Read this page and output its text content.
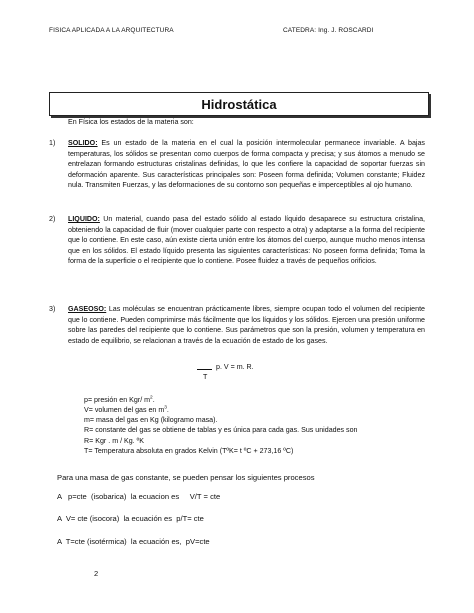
FISICA APLICADA A LA ARQUITECTURA	CATEDRA: Ing. J. ROSCARDI
Hidrostática
En Física los estados de la materia son:
1) SOLIDO: Es un estado de la materia en el cual la posición intermolecular permanece invariable. A bajas temperaturas, los sólidos se presentan como cuerpos de forma compacta y precisa; y sus átomos a menudo se entrelazan formando estructuras cristalinas definidas, lo que les confiere la capacidad de soportar fuerzas sin deformación aparente. Sus características principales son: Poseen forma definida; Volumen constante; Fluidez nula. Transmiten Fuerzas, y las deformaciones de su contorno son pequeñas e imperceptibles al ojo humano.
2) LIQUIDO: Un material, cuando pasa del estado sólido al estado líquido desaparece su estructura cristalina, obteniendo la capacidad de fluir (mover cualquier parte con respecto a otra) y adaptarse a la forma del recipiente que lo contiene. En este caso, aún existe cierta unión entre los átomos del cuerpo, aunque mucho menos intensa que en los sólidos. El estado líquido presenta las siguientes características: No poseen forma definida; Toma la forma de la superficie o el recipiente que lo contiene. Posee fluidez a través de pequeños orificios.
3) GASEOSO: Las moléculas se encuentran prácticamente libres, siempre ocupan todo el volumen del recipiente que lo contiene. Pueden comprimirse más fácilmente que los líquidos y los sólidos. Ejercen una presión uniforme sobre las paredes del recipiente que lo contiene. Sus parámetros que son la presión, volumen y temperatura en estado de equilibrio, se relacionan a través de la ecuación de estado de los gases.
p. V = m. R.
T
p= presión en Kgr/ $m^2$.
V= volumen del gas en $m^3$.
m= masa del gas en Kg (kilogramo masa).
R= constante del gas se obtiene de tablas y es única para cada gas. Sus unidades son
R= Kgr . m / Kg. ºK
T= Temperatura absoluta en grados Kelvin (TºK= t ºC + 273,16 ºC)
Para una masa de gas constante, se pueden pensar los siguientes procesos
A   p=cte  (isobarica)  la ecuacion es     V/T = cte
A  V= cte (isocora)  la ecuación es  p/T= cte
A  T=cte (isotérmica)  la ecuación es,  pV=cte
2
